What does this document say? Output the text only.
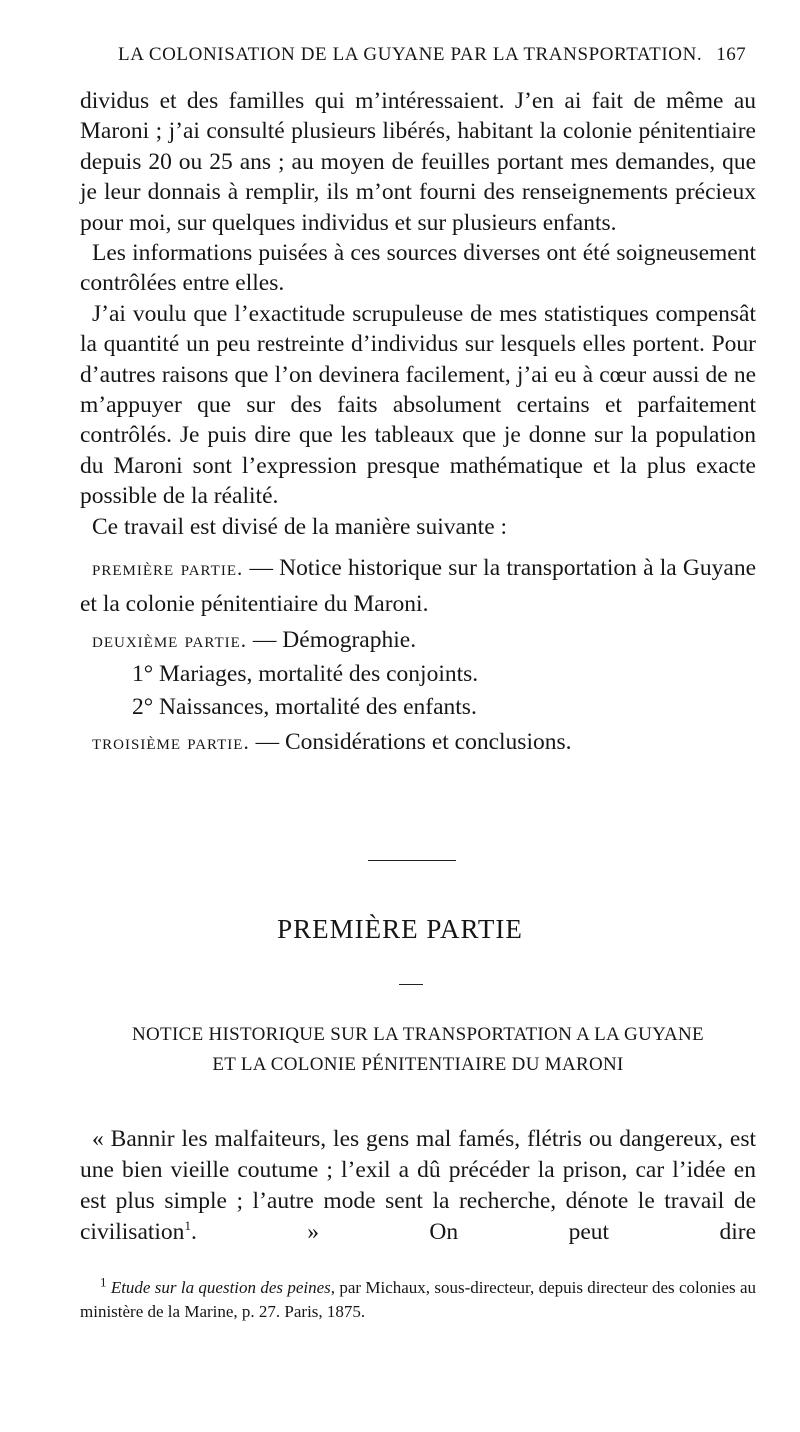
LA COLONISATION DE LA GUYANE PAR LA TRANSPORTATION. 167

dividus et des familles qui m’intéressaient. J’en ai fait de même au Maroni ; j’ai consulté plusieurs libérés, habitant la colonie pénitentiaire depuis 20 ou 25 ans ; au moyen de feuilles portant mes demandes, que je leur donnais à remplir, ils m’ont fourni des renseignements précieux pour moi, sur quelques individus et sur plusieurs enfants.

Les informations puisées à ces sources diverses ont été soigneusement contrôlées entre elles.

J’ai voulu que l’exactitude scrupuleuse de mes statistiques compensât la quantité un peu restreinte d’individus sur lesquels elles portent. Pour d’autres raisons que l’on devinera facilement, j’ai eu à cœur aussi de ne m’appuyer que sur des faits absolument certains et parfaitement contrôlés. Je puis dire que les tableaux que je donne sur la population du Maroni sont l’expression presque mathématique et la plus exacte possible de la réalité.

Ce travail est divisé de la manière suivante :

première partie. — Notice historique sur la transportation à la Guyane et la colonie pénitentiaire du Maroni.

deuxième partie. — Démographie.

1° Mariages, mortalité des conjoints.

2° Naissances, mortalité des enfants.

troisième partie. — Considérations et conclusions.

PREMIÈRE PARTIE
NOTICE HISTORIQUE SUR LA TRANSPORTATION A LA GUYANE
ET LA COLONIE PÉNITENTIAIRE DU MARONI

« Bannir les malfaiteurs, les gens mal famés, flétris ou dangereux, est une bien vieille coutume ; l’exil a dû précéder la prison, car l’idée en est plus simple ; l’autre mode sent la recherche, dénote le travail de civilisation$^1$. » On peut dire

$^1$ Etude sur la question des peines, par Michaux, sous-directeur, depuis directeur des colonies au ministère de la Marine, p. 27. Paris, 1875.
